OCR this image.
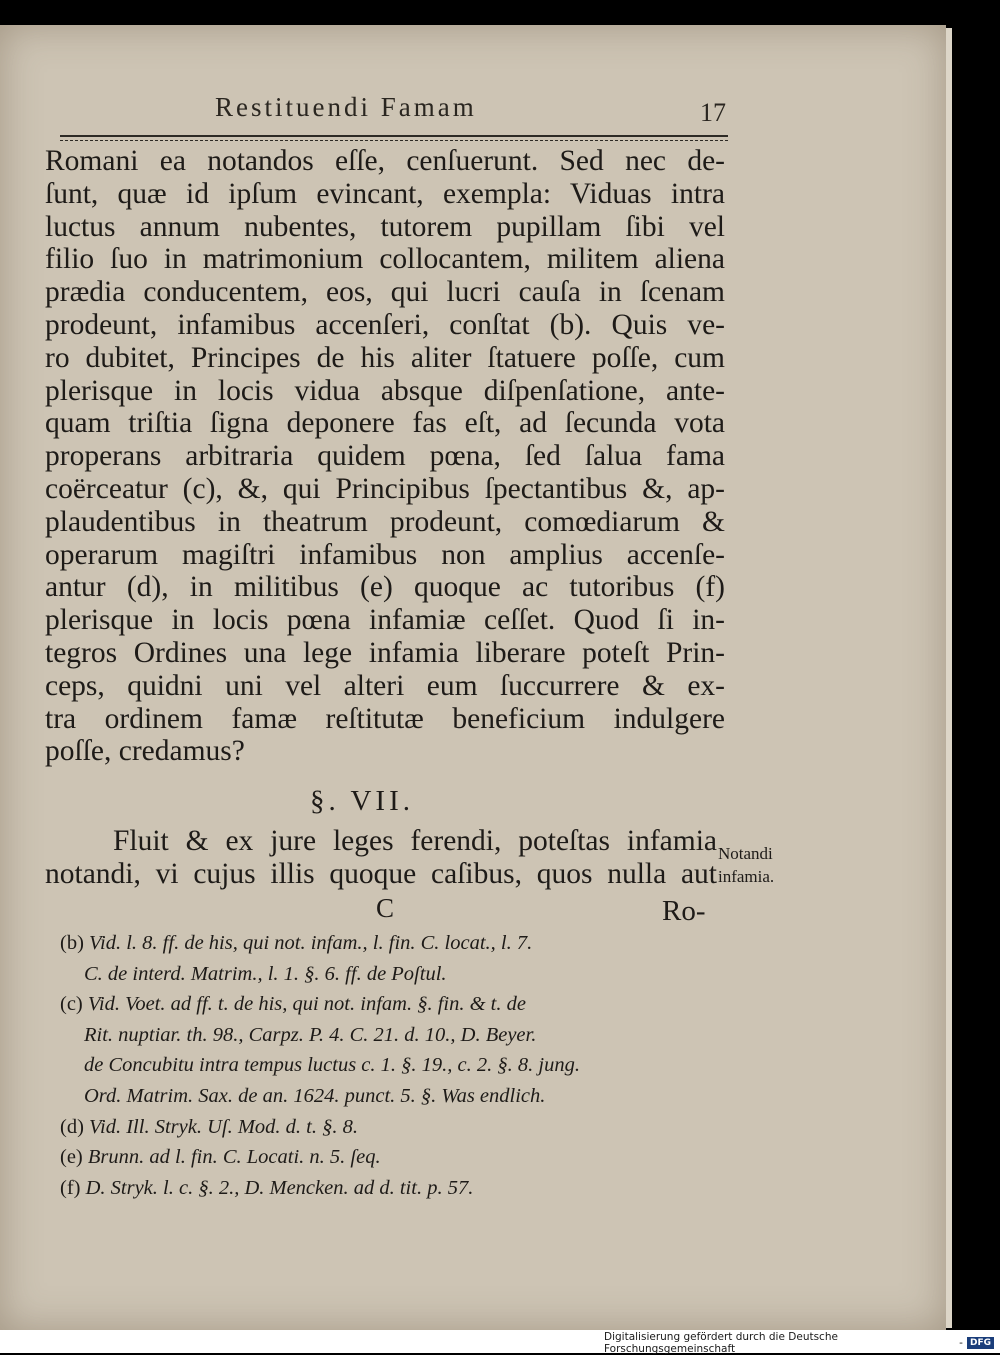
Restituendi Famam	17
Romani ea notandos eſſe, cenſuerunt. Sed nec de-
ſunt, quæ id ipſum evincant, exempla: Viduas intra
luctus annum nubentes, tutorem pupillam ſibi vel
filio ſuo in matrimonium collocantem, militem aliena
prædia conducentem, eos, qui lucri cauſa in ſcenam
prodeunt, infamibus accenſeri, conſtat (b). Quis ve-
ro dubitet, Principes de his aliter ſtatuere poſſe, cum
plerisque in locis vidua absque diſpenſatione, ante-
quam triſtia ſigna deponere fas eſt, ad ſecunda vota
properans arbitraria quidem pœna, ſed ſalua fama
coërceatur (c), &, qui Principibus ſpectantibus &, ap-
plaudentibus in theatrum prodeunt, comœdiarum &
operarum magiſtri infamibus non amplius accenſe-
antur (d), in militibus (e) quoque ac tutoribus (f)
plerisque in locis pœna infamiæ ceſſet. Quod ſi in-
tegros Ordines una lege infamia liberare poteſt Prin-
ceps, quidni uni vel alteri eum ſuccurrere & ex-
tra ordinem famæ reſtitutæ beneficium indulgere
poſſe, credamus?
§. VII.
Fluit & ex jure leges ferendi, poteſtas infamia
notandi, vi cujus illis quoque caſibus, quos nulla aut
Notandi
infamia.
C	Ro-
(b) Vid. l. 8. ff. de his, qui not. infam., l. fin. C. locat., l. 7.
C. de interd. Matrim., l. 1. §. 6. ff. de Poſtul.
(c) Vid. Voet. ad ff. t. de his, qui not. infam. §. fin. & t. de
Rit. nuptiar. th. 98., Carpz. P. 4. C. 21. d. 10., D. Beyer.
de Concubitu intra tempus luctus c. 1. §. 19., c. 2. §. 8. jung.
Ord. Matrim. Sax. de an. 1624. punct. 5. §. Was endlich.
(d) Vid. Ill. Stryk. Uſ. Mod. d. t. §. 8.
(e) Brunn. ad l. fin. C. Locati. n. 5. ſeq.
(f) D. Stryk. l. c. §. 2., D. Mencken. ad d. tit. p. 57.
Digitalisierung gefördert durch die Deutsche Forschungsgemeinschaft	- DFG
